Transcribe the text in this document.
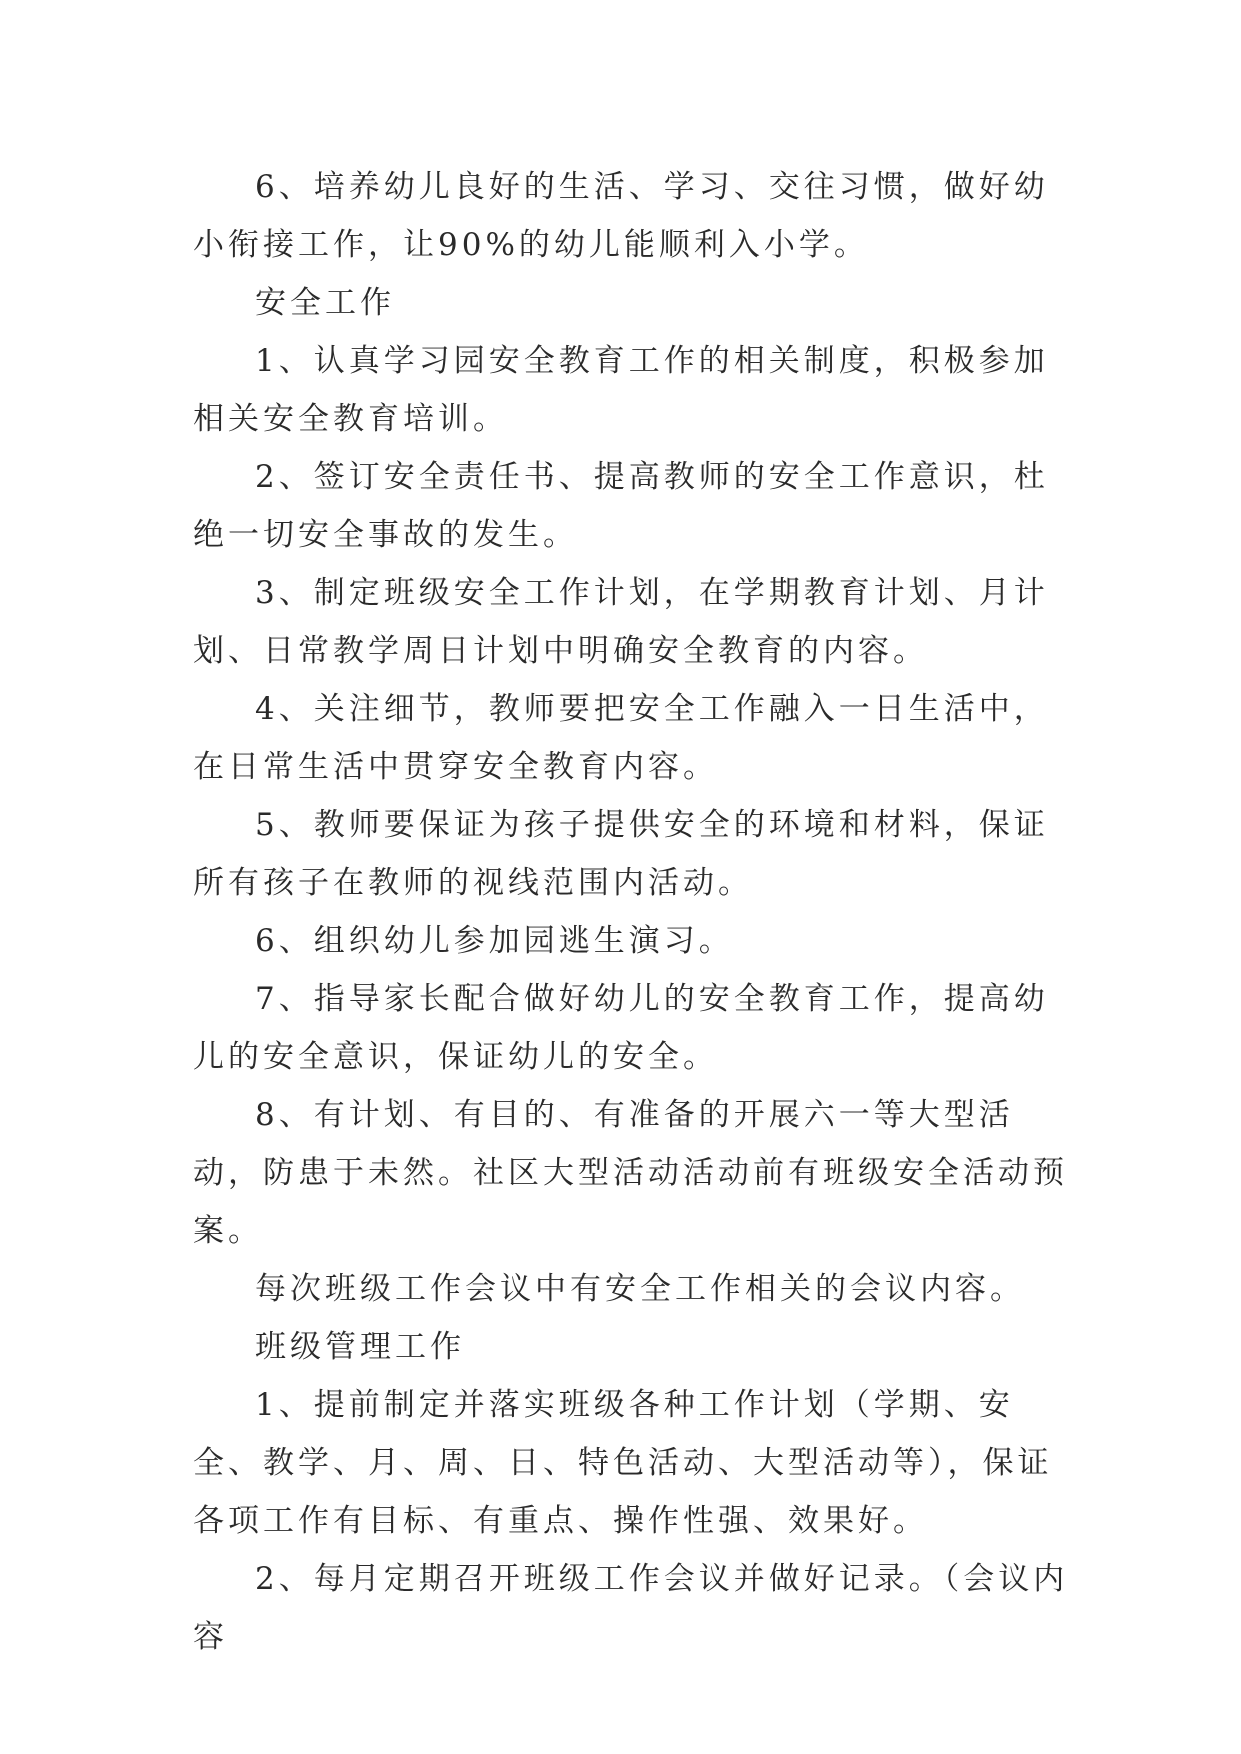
6、培养幼儿良好的生活、学习、交往习惯，做好幼小衔接工作，让90%的幼儿能顺利入小学。

安全工作

1、认真学习园安全教育工作的相关制度，积极参加相关安全教育培训。

2、签订安全责任书、提高教师的安全工作意识，杜绝一切安全事故的发生。

3、制定班级安全工作计划，在学期教育计划、月计划、日常教学周日计划中明确安全教育的内容。

4、关注细节，教师要把安全工作融入一日生活中，在日常生活中贯穿安全教育内容。

5、教师要保证为孩子提供安全的环境和材料，保证所有孩子在教师的视线范围内活动。

6、组织幼儿参加园逃生演习。

7、指导家长配合做好幼儿的安全教育工作，提高幼儿的安全意识，保证幼儿的安全。

8、有计划、有目的、有准备的开展六一等大型活动，防患于未然。社区大型活动活动前有班级安全活动预案。

每次班级工作会议中有安全工作相关的会议内容。

班级管理工作

1、提前制定并落实班级各种工作计划（学期、安全、教学、月、周、日、特色活动、大型活动等），保证各项工作有目标、有重点、操作性强、效果好。

2、每月定期召开班级工作会议并做好记录。（会议内容
